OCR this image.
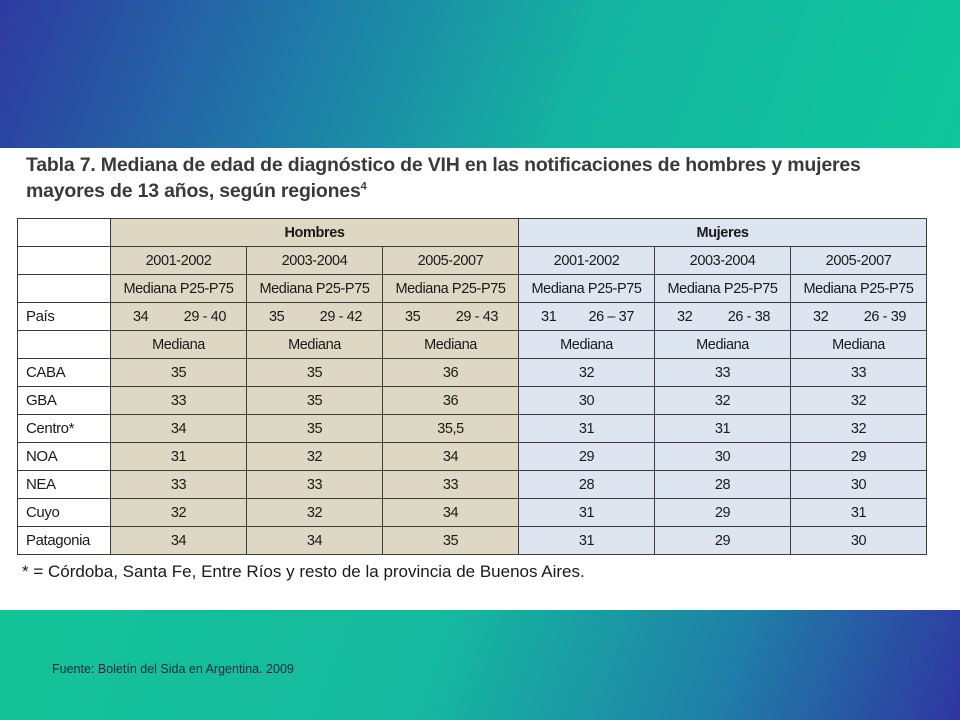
Tabla 7. Mediana de edad de diagnóstico de VIH en las notificaciones de hombres y mujeres mayores de 13 años, según regiones$^4$
	Hombres			Mujeres		
	2001-2002	2003-2004	2005-2007	2001-2002	2003-2004	2005-2007
	Mediana P25-P75	Mediana P25-P75	Mediana P25-P75	Mediana P25-P75	Mediana P25-P75	Mediana P25-P75
País	34 29 - 40	35 29 - 42	35 29 - 43	31 26 – 37	32 26 - 38	32 26 - 39

	Mediana	Mediana	Mediana	Mediana	Mediana	Mediana
CABA	35	35	36	32	33	33
GBA	33	35	36	30	32	32
Centro*	34	35	35,5	31	31	32
NOA	31	32	34	29	30	29
NEA	33	33	33	28	28	30
Cuyo	32	32	34	31	29	31
Patagonia	34	34	35	31	29	30
* = Córdoba, Santa Fe, Entre Ríos y resto de la provincia de Buenos Aires.
Fuente: Boletín del Sida en Argentina. 2009
